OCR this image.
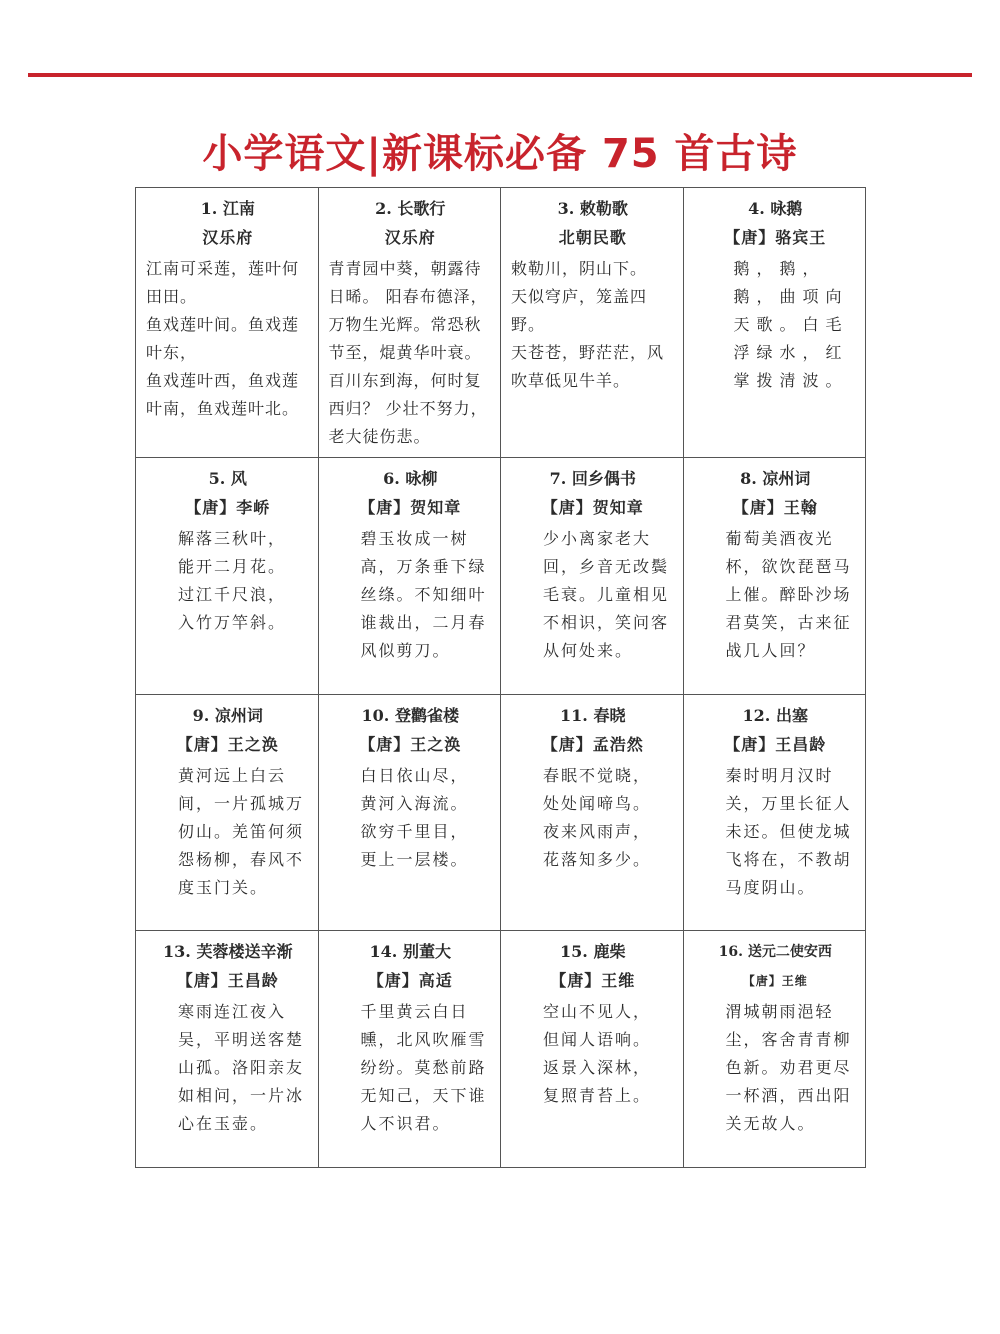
小学语文|新课标必备 75 首古诗
1. 江南
汉乐府
江南可采莲，莲叶何田田。
鱼戏莲叶间。鱼戏莲叶东，
鱼戏莲叶西，鱼戏莲叶南，鱼戏莲叶北。
2. 长歌行
汉乐府
青青园中葵，朝露待日晞。 阳春布德泽，万物生光辉。常恐秋节至，焜黄华叶衰。百川东到海，何时复西归？ 少壮不努力，老大徒伤悲。
3. 敕勒歌
北朝民歌
敕勒川，阴山下。
天似穹庐，笼盖四野。
天苍苍，野茫茫，风吹草低见牛羊。
4. 咏鹅
【唐】骆宾王
鹅，鹅，鹅，曲项向天歌。白毛浮绿水，红掌拨清波。
5. 风
【唐】李峤
解落三秋叶，
能开二月花。
过江千尺浪，
入竹万竿斜。
6. 咏柳
【唐】贺知章
碧玉妆成一树高，万条垂下绿丝绦。不知细叶谁裁出，二月春风似剪刀。
7. 回乡偶书
【唐】贺知章
少小离家老大回，乡音无改鬓毛衰。儿童相见不相识，笑问客从何处来。
8. 凉州词
【唐】王翰
葡萄美酒夜光杯，欲饮琵琶马上催。醉卧沙场君莫笑，古来征战几人回？
9. 凉州词
【唐】王之涣
黄河远上白云间，一片孤城万仞山。羌笛何须怨杨柳，春风不度玉门关。
10. 登鹳雀楼
【唐】王之涣
白日依山尽，
黄河入海流。
欲穷千里目，
更上一层楼。
11. 春晓
【唐】孟浩然
春眠不觉晓，
处处闻啼鸟。
夜来风雨声，
花落知多少。
12. 出塞
【唐】王昌龄
秦时明月汉时关，万里长征人未还。但使龙城飞将在，不教胡马度阴山。
13. 芙蓉楼送辛渐
【唐】王昌龄
寒雨连江夜入吴，平明送客楚山孤。洛阳亲友如相问，一片冰心在玉壶。
14. 别董大
【唐】高适
千里黄云白日曛，北风吹雁雪纷纷。莫愁前路无知己，天下谁人不识君。
15. 鹿柴
【唐】王维
空山不见人，
但闻人语响。
返景入深林，
复照青苔上。
16. 送元二使安西
【唐】王维
渭城朝雨浥轻尘，客舍青青柳色新。劝君更尽一杯酒，西出阳关无故人。
